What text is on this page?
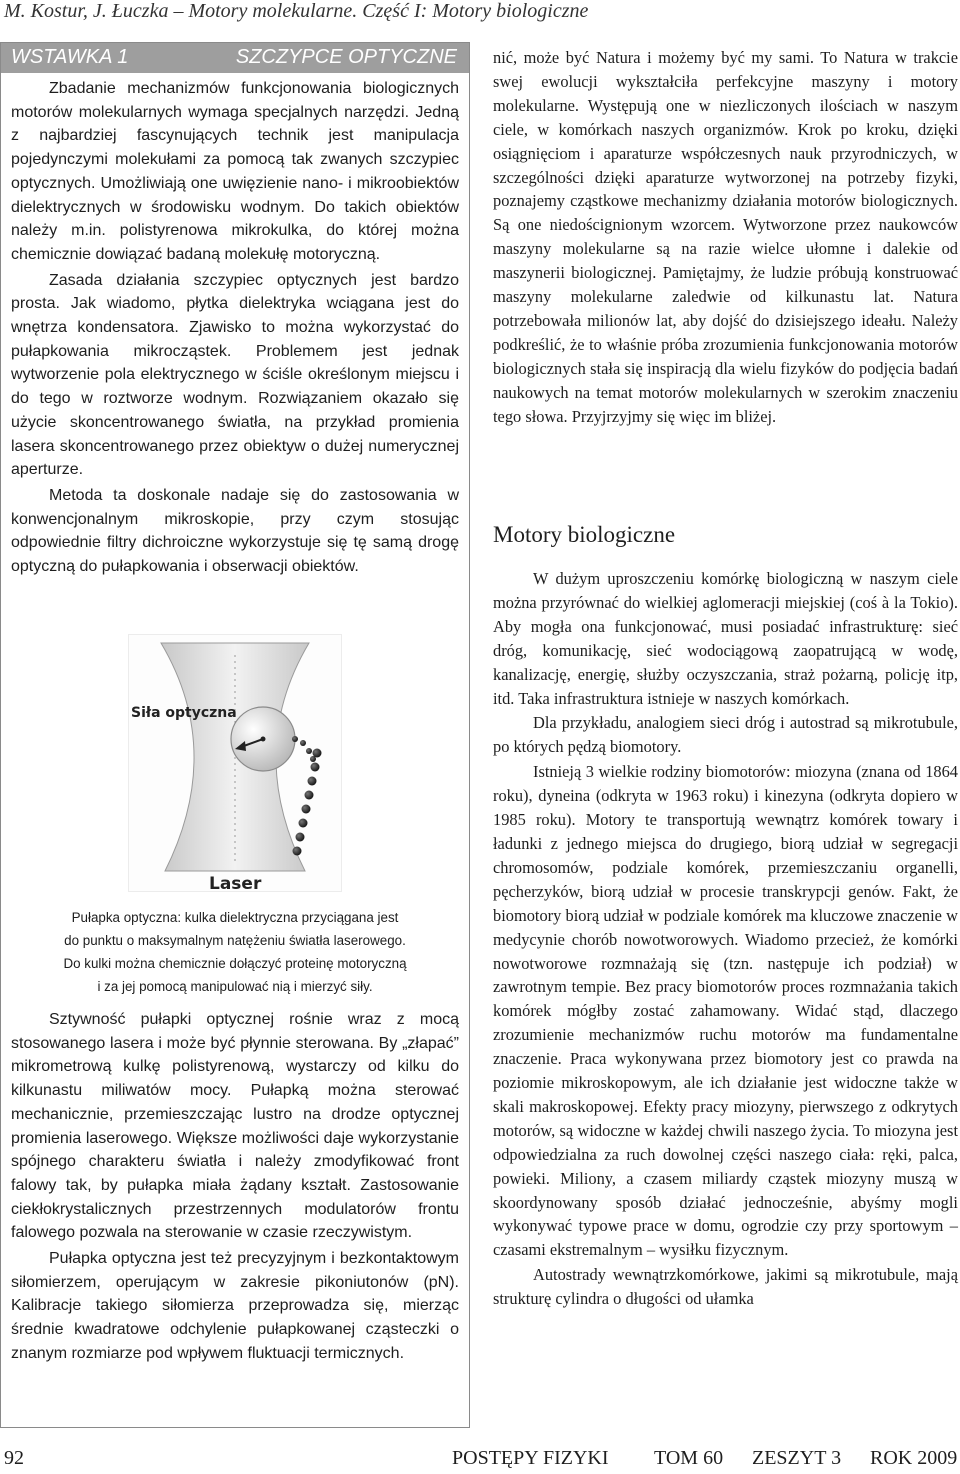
M. Kostur, J. Łuczka – Motory molekularne. Część I: Motory biologiczne
WSTAWKA 1	SZCZYPCE OPTYCZNE

Zbadanie mechanizmów funkcjonowania biologicznych motorów molekularnych wymaga specjalnych narzędzi. Jedną z najbardziej fascynujących technik jest manipulacja pojedynczymi molekułami za pomocą tak zwanych szczypiec optycznych. Umożliwiają one uwięzienie nano- i mikroobiektów dielektrycznych w środowisku wodnym. Do takich obiektów należy m.in. polistyrenowa mikrokulka, do której można chemicznie dowiązać badaną molekułę motoryczną.

Zasada działania szczypiec optycznych jest bardzo prosta. Jak wiadomo, płytka dielektryka wciągana jest do wnętrza kondensatora. Zjawisko to można wykorzystać do pułapkowania mikrocząstek. Problemem jest jednak wytworzenie pola elektrycznego w ściśle określonym miejscu i do tego w roztworze wodnym. Rozwiązaniem okazało się użycie skoncentrowanego światła, na przykład promienia lasera skoncentrowanego przez obiektyw o dużej numerycznej aperturze.

Metoda ta doskonale nadaje się do zastosowania w konwencjonalnym mikroskopie, przy czym stosując odpowiednie filtry dichroiczne wykorzystuje się tę samą drogę optyczną do pułapkowania i obserwacji obiektów.

Siła optyczna
Laser
Pułapka optyczna: kulka dielektryczna przyciągana jest
do punktu o maksymalnym natężeniu światła laserowego.
Do kulki można chemicznie dołączyć proteinę motoryczną
i za jej pomocą manipulować nią i mierzyć siły.

Sztywność pułapki optycznej rośnie wraz z mocą stosowanego lasera i może być płynnie sterowana. By „złapać” mikrometrową kulkę polistyrenową, wystarczy od kilku do kilkunastu miliwatów mocy. Pułapką można sterować mechanicznie, przemieszczając lustro na drodze optycznej promienia laserowego. Większe możliwości daje wykorzystanie spójnego charakteru światła i należy zmodyfikować front falowy tak, by pułapka miała żądany kształt. Zastosowanie ciekłokrystalicznych przestrzennych modulatorów frontu falowego pozwala na sterowanie w czasie rzeczywistym.

Pułapka optyczna jest też precyzyjnym i bezkontaktowym siłomierzem, operującym w zakresie pikoniutonów (pN). Kalibracje takiego siłomierza przeprowadza się, mierząc średnie kwadratowe odchylenie pułapkowanej cząsteczki o znanym rozmiarze pod wpływem fluktuacji termicznych.

nić, może być Natura i możemy być my sami. To Natura w trakcie swej ewolucji wykształciła perfekcyjne maszyny i motory molekularne. Występują one w niezliczonych ilościach w naszym ciele, w komórkach naszych organizmów. Krok po kroku, dzięki osiągnięciom i aparaturze współczesnych nauk przyrodniczych, w szczególności dzięki aparaturze wytworzonej na potrzeby fizyki, poznajemy cząstkowe mechanizmy działania motorów biologicznych. Są one niedoścignionym wzorcem. Wytworzone przez naukowców maszyny molekularne są na razie wielce ułomne i dalekie od maszynerii biologicznej. Pamiętajmy, że ludzie próbują konstruować maszyny molekularne zaledwie od kilkunastu lat. Natura potrzebowała milionów lat, aby dojść do dzisiejszego ideału. Należy podkreślić, że to właśnie próba zrozumienia funkcjonowania motorów biologicznych stała się inspiracją dla wielu fizyków do podjęcia badań naukowych na temat motorów molekularnych w szerokim znaczeniu tego słowa. Przyjrzyjmy się więc im bliżej.

Motory biologiczne

W dużym uproszczeniu komórkę biologiczną w naszym ciele można przyrównać do wielkiej aglomeracji miejskiej (coś à la Tokio). Aby mogła ona funkcjonować, musi posiadać infrastrukturę: sieć dróg, komunikację, sieć wodociągową zaopatrującą w wodę, kanalizację, energię, służby oczyszczania, straż pożarną, policję itp, itd. Taka infrastruktura istnieje w naszych komórkach.

Dla przykładu, analogiem sieci dróg i autostrad są mikrotubule, po których pędzą biomotory.

Istnieją 3 wielkie rodziny biomotorów: miozyna (znana od 1864 roku), dyneina (odkryta w 1963 roku) i kinezyna (odkryta dopiero w 1985 roku). Motory te transportują wewnątrz komórek towary i ładunki z jednego miejsca do drugiego, biorą udział w segregacji chromosomów, podziale komórek, przemieszczaniu organelli, pęcherzyków, biorą udział w procesie transkrypcji genów. Fakt, że biomotory biorą udział w podziale komórek ma kluczowe znaczenie w medycynie chorób nowotworowych. Wiadomo przecież, że komórki nowotworowe rozmnażają się (tzn. następuje ich podział) w zawrotnym tempie. Bez pracy biomotorów proces rozmnażania takich komórek mógłby zostać zahamowany. Widać stąd, dlaczego zrozumienie mechanizmów ruchu motorów ma fundamentalne znaczenie. Praca wykonywana przez biomotory jest co prawda na poziomie mikroskopowym, ale ich działanie jest widoczne także w skali makroskopowej. Efekty pracy miozyny, pierwszego z odkrytych motorów, są widoczne w każdej chwili naszego życia. To miozyna jest odpowiedzialna za ruch dowolnej części naszego ciała: ręki, palca, powieki. Miliony, a czasem miliardy cząstek miozyny muszą w skoordynowany sposób działać jednocześnie, abyśmy mogli wykonywać typowe prace w domu, ogrodzie czy przy sportowym – czasami ekstremalnym – wysiłku fizycznym.

Autostrady wewnątrzkomórkowe, jakimi są mikrotubule, mają strukturę cylindra o długości od ułamka

92	POSTĘPY FIZYKI TOM 60 ZESZYT 3 ROK 2009
